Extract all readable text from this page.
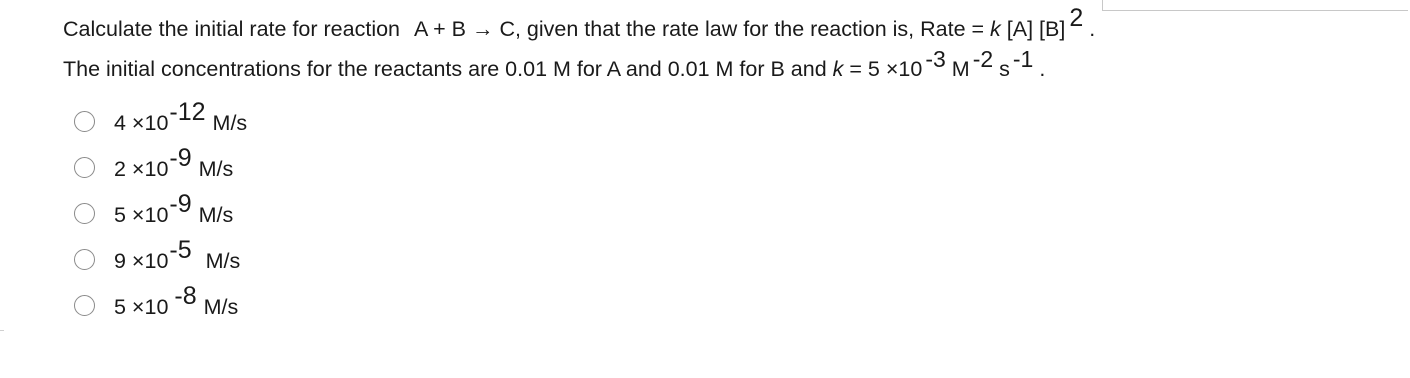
Calculate the initial rate for reaction A + B → C, given that the rate law for the reaction is, Rate = k [A] [B] 2 .
The initial concentrations for the reactants are 0.01 M for A and 0.01 M for B and k = 5 ×10 -3 M -2 s -1 .
4 ×10-12 M/s
2 ×10-9 M/s
5 ×10-9 M/s
9 ×10-5 M/s
5 ×10 -8 M/s
